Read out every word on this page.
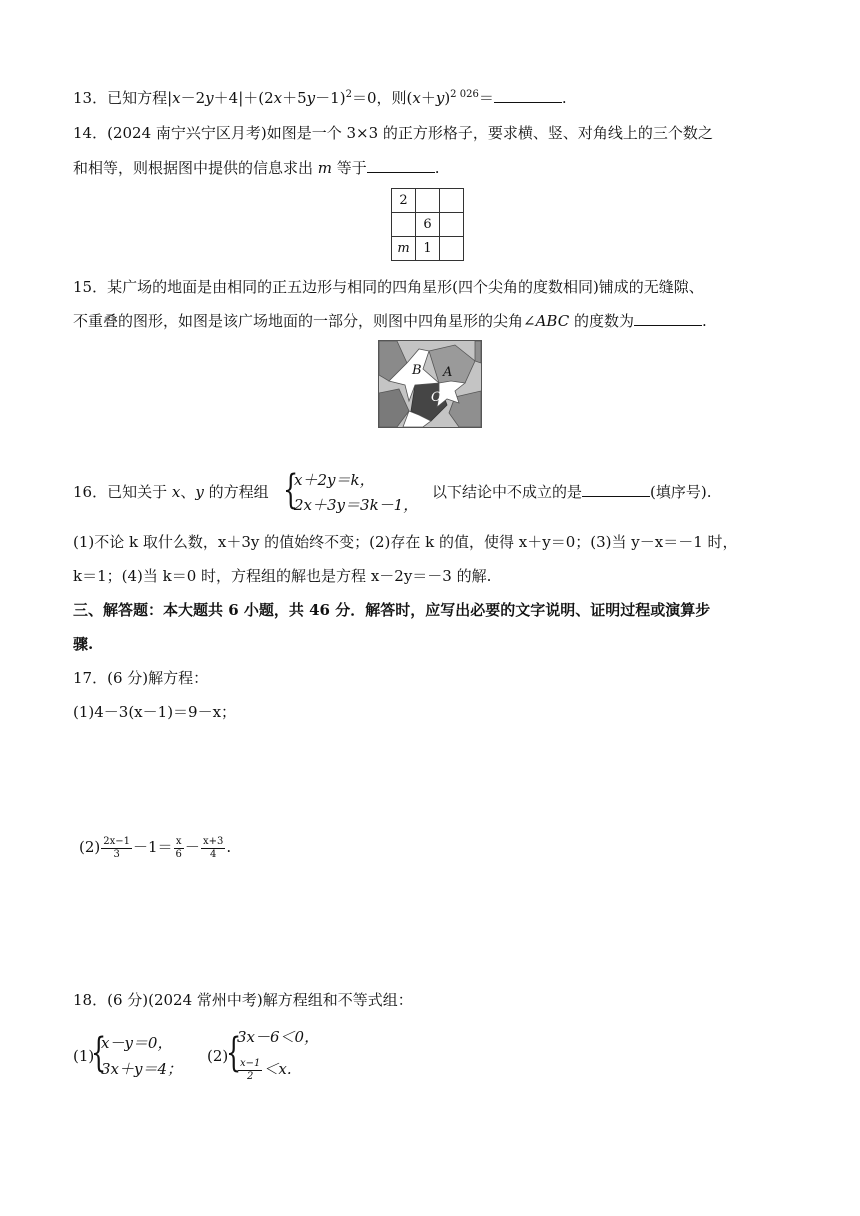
13．已知方程$|x-2y+4|+(2x+5y-1)^2=0$，则$(x+y)^{2 026}=$	.
14．(2024 南宁兴宁区月考)如图是一个 3×3 的正方形格子，要求横、竖、对角线上的三个数之
和相等，则根据图中提供的信息求出 m 等于	.
2		
	6	
m	1	
15．某广场的地面是由相同的正五边形与相同的四角星形(四个尖角的度数相同)铺成的无缝隙、
不重叠的图形，如图是该广场地面的一部分，则图中四角星形的尖角∠ABC 的度数为	.
A
B
C
16．已知关于 x、y 的方程组 {
x＋2y＝k，
2x＋3y＝3k－1，
以下结论中不成立的是	(填序号).
(1)不论 k 取什么数，x＋3y 的值始终不变；(2)存在 k 的值，使得 x＋y＝0；(3)当 y－x＝－1 时，
k＝1；(4)当 k＝0 时，方程组的解也是方程 x－2y＝－3 的解.
三、解答题：本大题共 6 小题，共 46 分．解答时，应写出必要的文字说明、证明过程或演算步
骤.
17．(6 分)解方程：
(1)4－3(x－1)＝9－x；
$(2) \frac{2x-1}{3} -1= \frac{x}{6} - \frac{x+3}{4}$ .
18．(6 分)(2024 常州中考)解方程组和不等式组：
(1)
{
x－y＝0，
3x＋y＝4；
(2)
{
3x－6＜0，
$\frac{x-1}{2} <x$.
